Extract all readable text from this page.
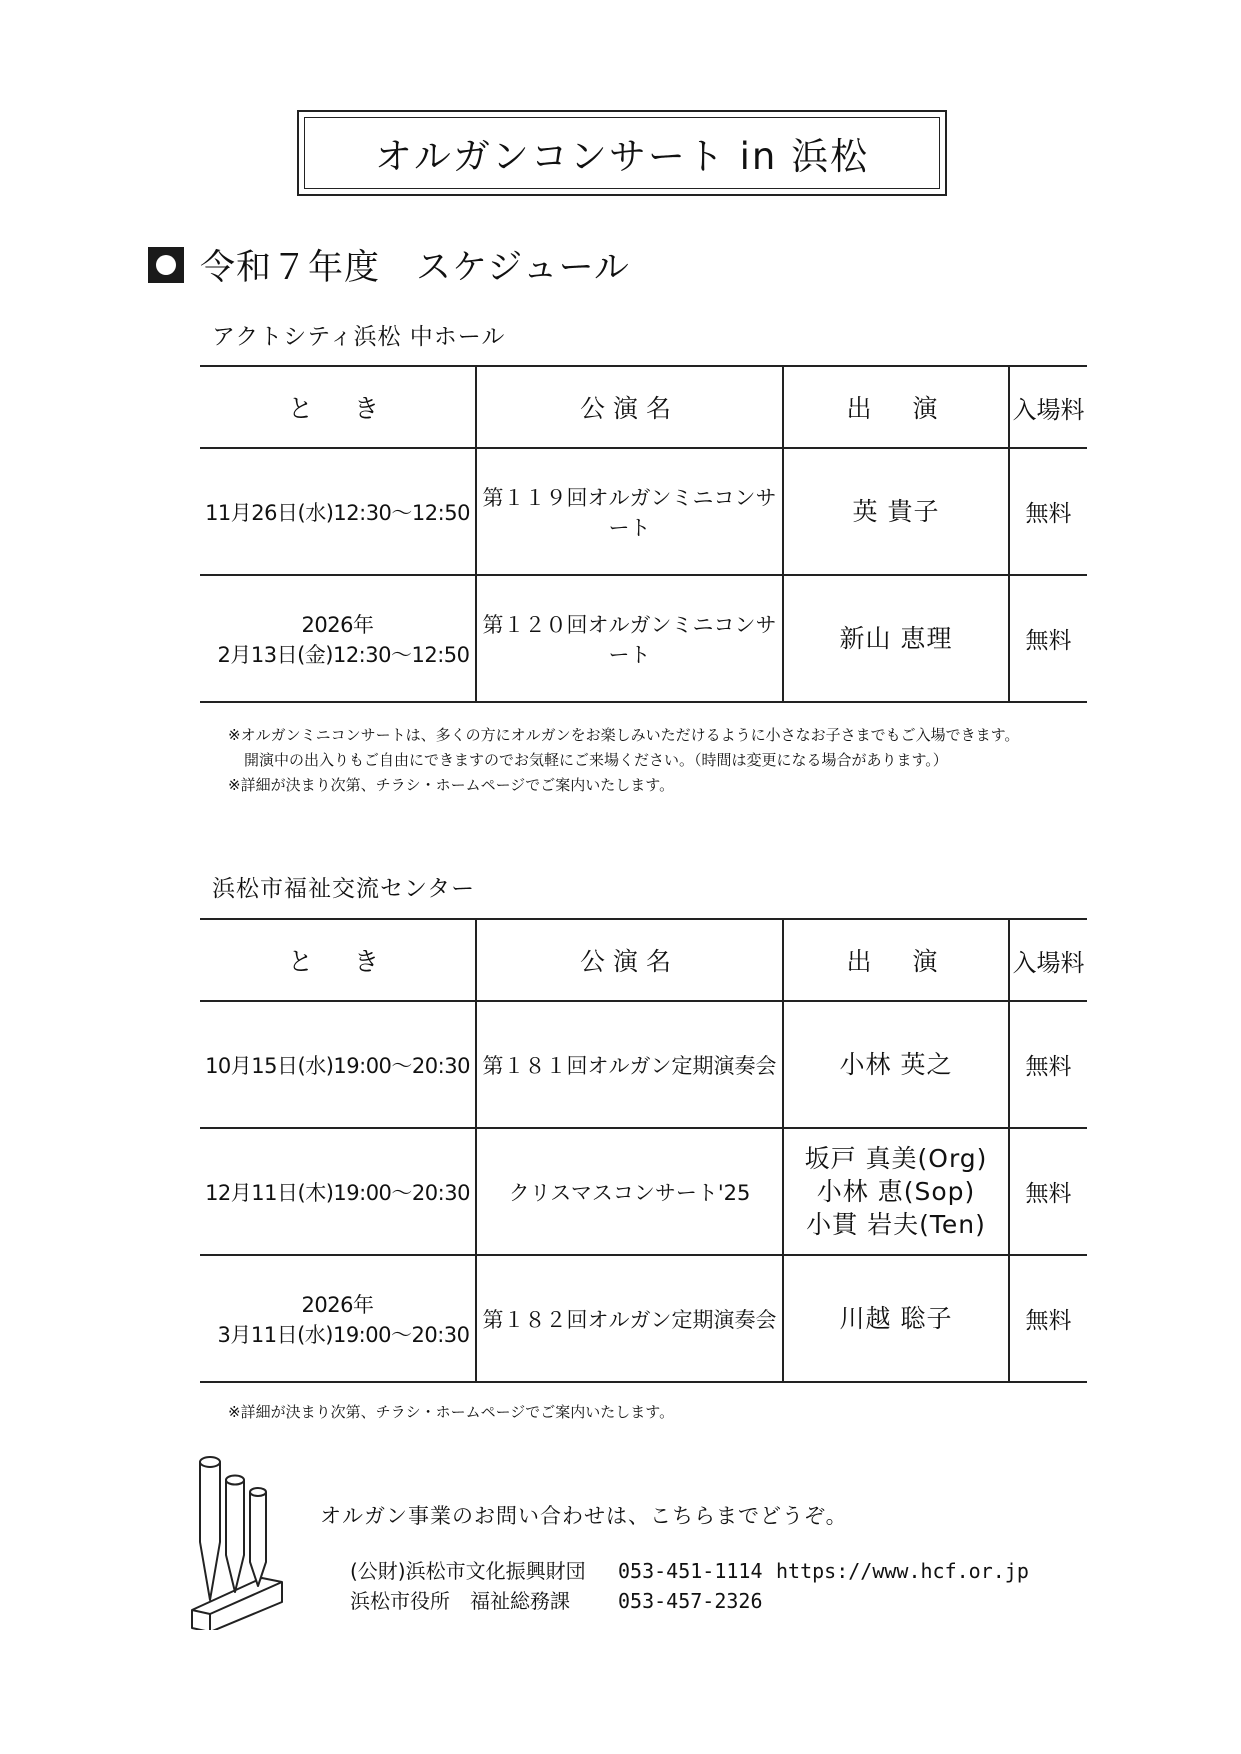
オルガンコンサート in 浜松
令和７年度　スケジュール
アクトシティ浜松 中ホール
と　き	公演名	出　演	入場料

11月26日(水)12:30～12:50	第１１９回オルガンミニコンサート	英 貴子	無料

2026年
2月13日(金)12:30～12:50	第１２０回オルガンミニコンサート	新山 恵理	無料
※オルガンミニコンサートは、多くの方にオルガンをお楽しみいただけるように小さなお子さまでもご入場できます。
開演中の出入りもご自由にできますのでお気軽にご来場ください。（時間は変更になる場合があります。）
※詳細が決まり次第、チラシ・ホームページでご案内いたします。
浜松市福祉交流センター
と　き	公演名	出　演	入場料

10月15日(水)19:00～20:30	第１８１回オルガン定期演奏会	小林 英之	無料

12月11日(木)19:00～20:30	クリスマスコンサート'25	坂戸 真美(Org)
小林 恵(Sop)
小貫 岩夫(Ten)	無料

2026年
3月11日(水)19:00～20:30	第１８２回オルガン定期演奏会	川越 聡子	無料
※詳細が決まり次第、チラシ・ホームページでご案内いたします。
オルガン事業のお問い合わせは、こちらまでどうぞ。
(公財)浜松市文化振興財団 053-451-1114 https://www.hcf.or.jp
浜松市役所　福祉総務課 053-457-2326
